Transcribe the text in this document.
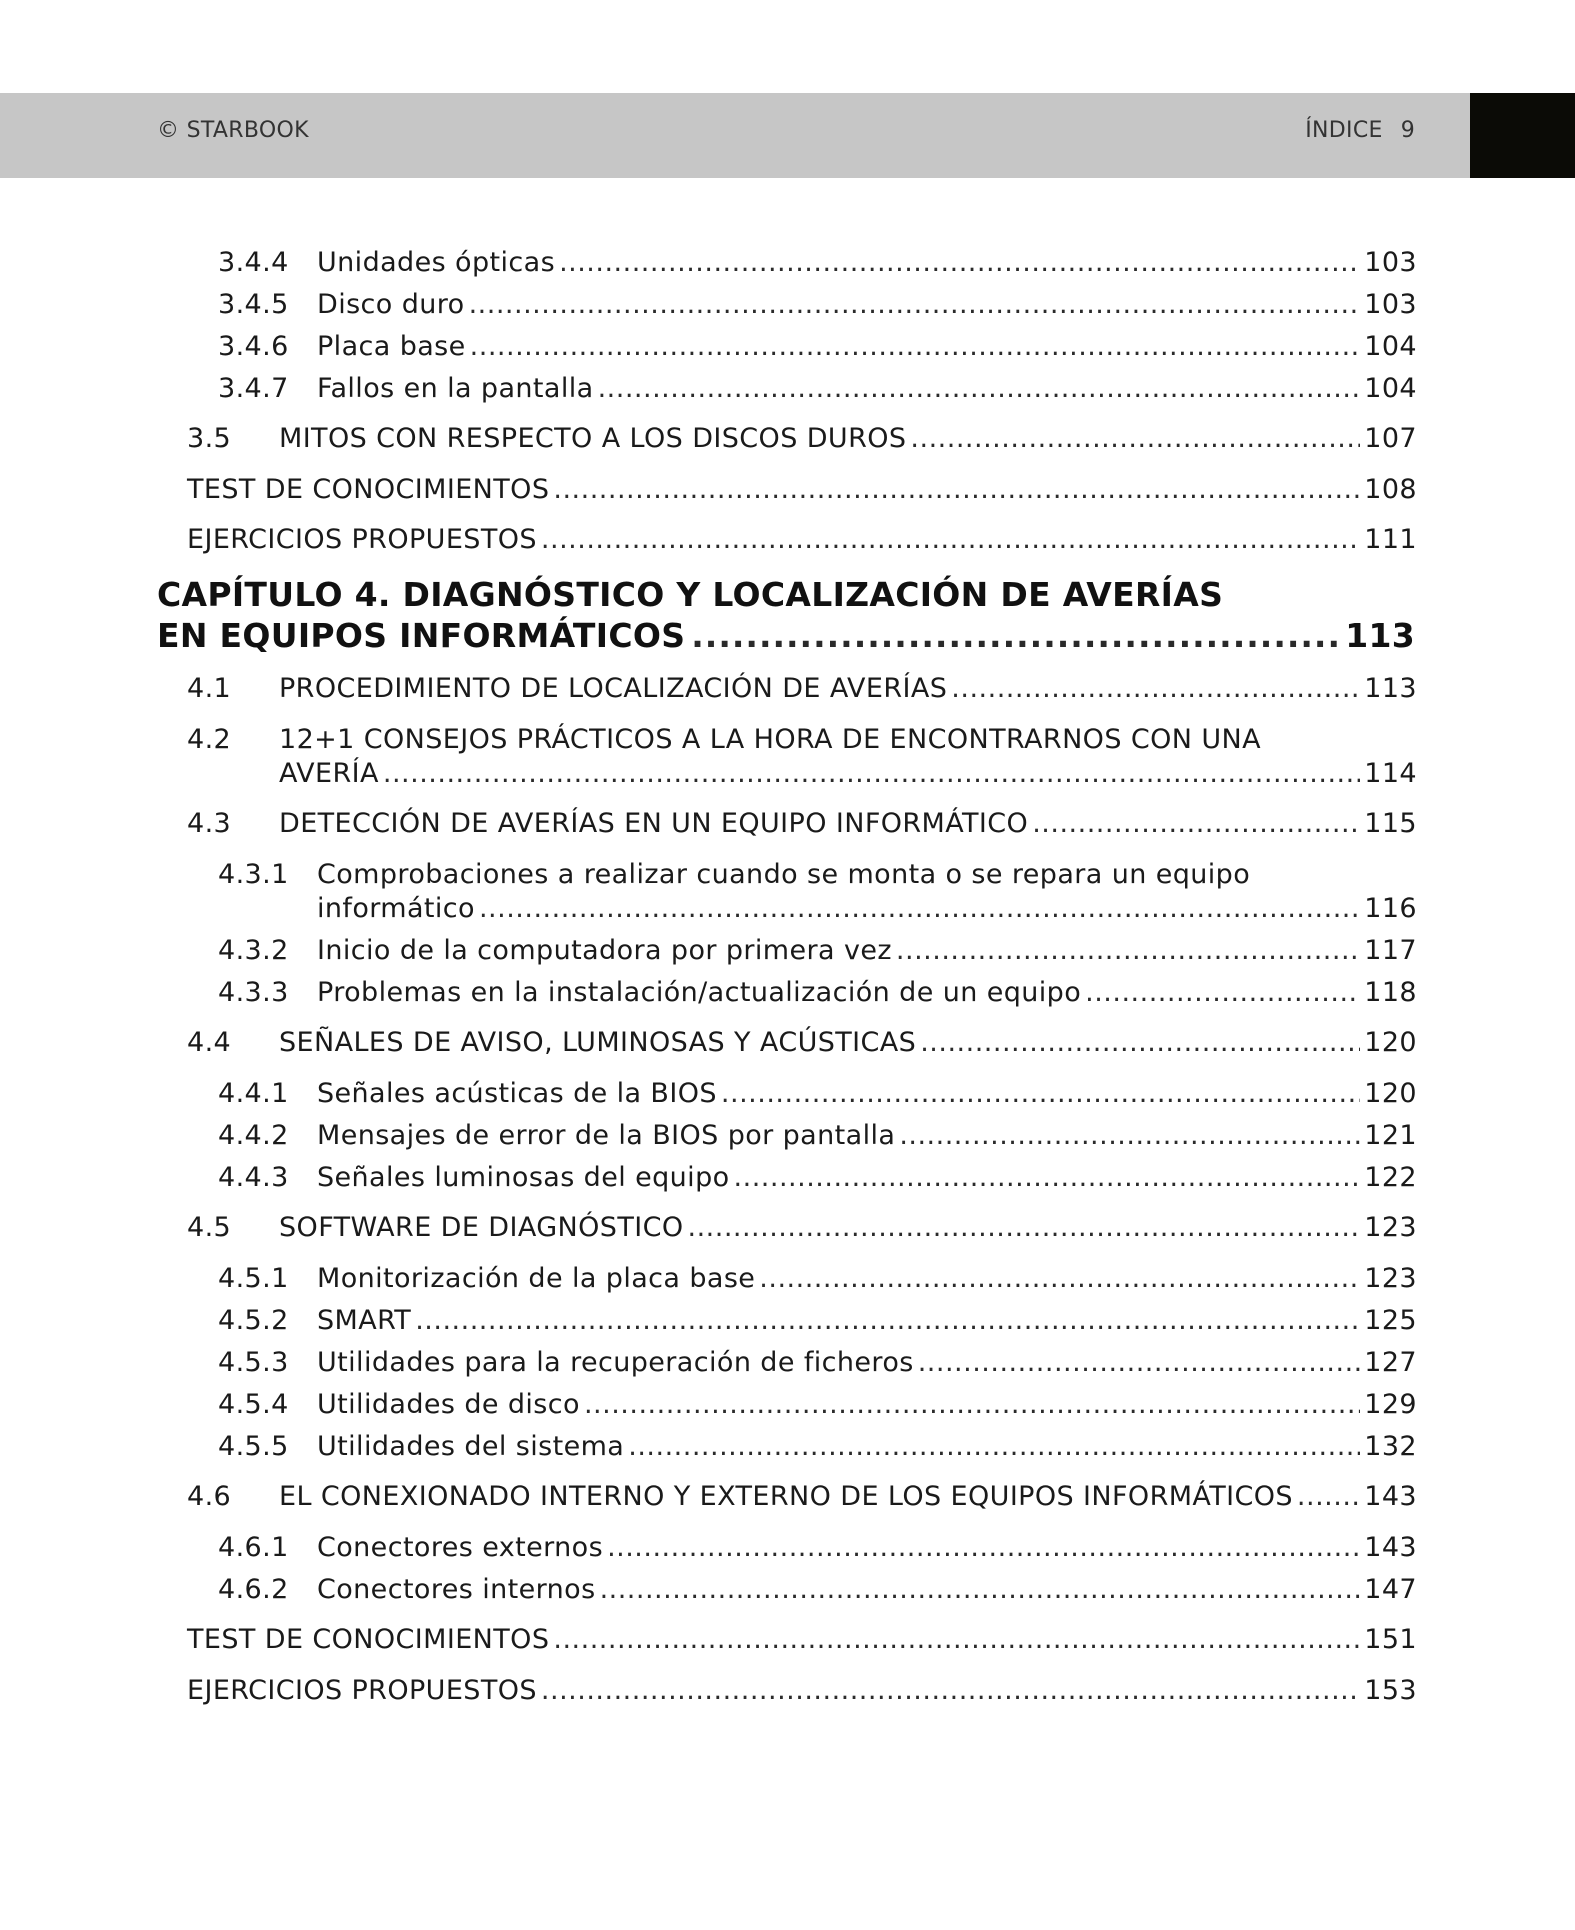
© STARBOOK	ÍNDICE 9
3.4.4 Unidades ópticas .....	103
3.4.5 Disco duro .....	103
3.4.6 Placa base .....	104
3.4.7 Fallos en la pantalla .....	104
3.5 MITOS CON RESPECTO A LOS DISCOS DUROS .....	107
TEST DE CONOCIMIENTOS .....	108
EJERCICIOS PROPUESTOS .....	111
CAPÍTULO 4. DIAGNÓSTICO Y LOCALIZACIÓN DE AVERÍAS
EN EQUIPOS INFORMÁTICOS .....	113
4.1 PROCEDIMIENTO DE LOCALIZACIÓN DE AVERÍAS .....	113
4.2 12+1 CONSEJOS PRÁCTICOS A LA HORA DE ENCONTRARNOS CON UNA
AVERÍA .....	114
4.3 DETECCIÓN DE AVERÍAS EN UN EQUIPO INFORMÁTICO .....	115
4.3.1 Comprobaciones a realizar cuando se monta o se repara un equipo
informático .....	116
4.3.2 Inicio de la computadora por primera vez .....	117
4.3.3 Problemas en la instalación/actualización de un equipo .....	118
4.4 SEÑALES DE AVISO, LUMINOSAS Y ACÚSTICAS .....	120
4.4.1 Señales acústicas de la BIOS .....	120
4.4.2 Mensajes de error de la BIOS por pantalla .....	121
4.4.3 Señales luminosas del equipo .....	122
4.5 SOFTWARE DE DIAGNÓSTICO .....	123
4.5.1 Monitorización de la placa base .....	123
4.5.2 SMART .....	125
4.5.3 Utilidades para la recuperación de ficheros .....	127
4.5.4 Utilidades de disco .....	129
4.5.5 Utilidades del sistema .....	132
4.6 EL CONEXIONADO INTERNO Y EXTERNO DE LOS EQUIPOS INFORMÁTICOS .....	143
4.6.1 Conectores externos .....	143
4.6.2 Conectores internos .....	147
TEST DE CONOCIMIENTOS .....	151
EJERCICIOS PROPUESTOS .....	153
